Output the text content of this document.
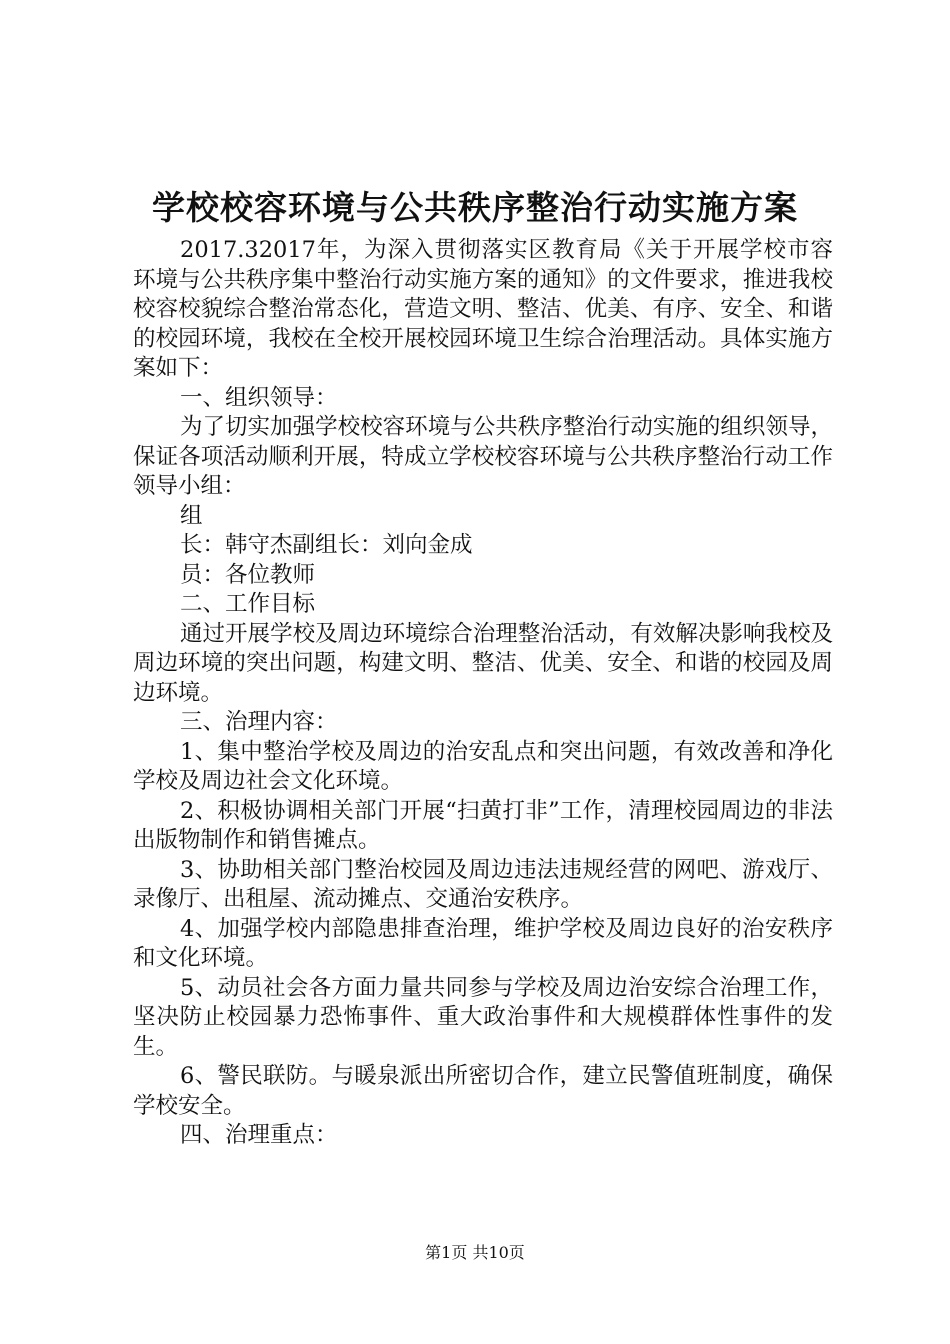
学校校容环境与公共秩序整治行动实施方案

2017.32017年，为深入贯彻落实区教育局《关于开展学校市容环境与公共秩序集中整治行动实施方案的通知》的文件要求，推进我校校容校貌综合整治常态化，营造文明、整洁、优美、有序、安全、和谐的校园环境，我校在全校开展校园环境卫生综合治理活动。具体实施方案如下：

一、组织领导：

为了切实加强学校校容环境与公共秩序整治行动实施的组织领导，保证各项活动顺利开展，特成立学校校容环境与公共秩序整治行动工作领导小组：

组

长：韩守杰副组长：刘向金成

员：各位教师

二、工作目标

通过开展学校及周边环境综合治理整治活动，有效解决影响我校及周边环境的突出问题，构建文明、整洁、优美、安全、和谐的校园及周边环境。

三、治理内容：

1、集中整治学校及周边的治安乱点和突出问题，有效改善和净化学校及周边社会文化环境。

2、积极协调相关部门开展“扫黄打非”工作，清理校园周边的非法出版物制作和销售摊点。

3、协助相关部门整治校园及周边违法违规经营的网吧、游戏厅、录像厅、出租屋、流动摊点、交通治安秩序。

4、加强学校内部隐患排查治理，维护学校及周边良好的治安秩序和文化环境。

5、动员社会各方面力量共同参与学校及周边治安综合治理工作，坚决防止校园暴力恐怖事件、重大政治事件和大规模群体性事件的发生。

6、警民联防。与暖泉派出所密切合作，建立民警值班制度，确保学校安全。

四、治理重点：

第1页 共10页
